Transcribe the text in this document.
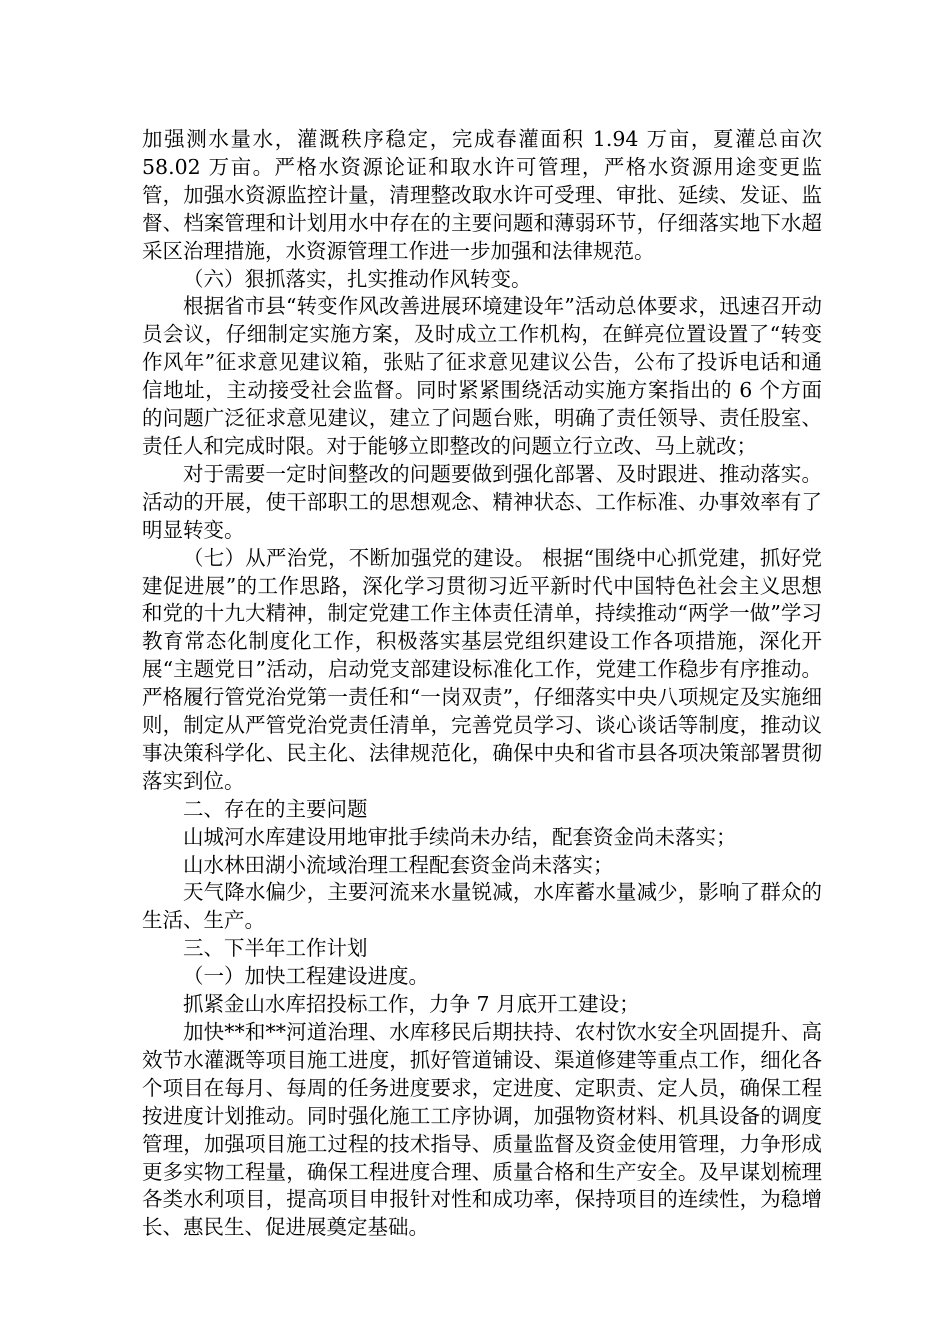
加强测水量水，灌溉秩序稳定，完成春灌面积 1.94 万亩，夏灌总亩次 58.02 万亩。严格水资源论证和取水许可管理，严格水资源用途变更监管，加强水资源监控计量，清理整改取水许可受理、审批、延续、发证、监督、档案管理和计划用水中存在的主要问题和薄弱环节，仔细落实地下水超采区治理措施，水资源管理工作进一步加强和法律规范。

（六）狠抓落实，扎实推动作风转变。

根据省市县“转变作风改善进展环境建设年”活动总体要求，迅速召开动员会议，仔细制定实施方案，及时成立工作机构，在鲜亮位置设置了“转变作风年”征求意见建议箱，张贴了征求意见建议公告，公布了投诉电话和通信地址，主动接受社会监督。同时紧紧围绕活动实施方案指出的 6 个方面的问题广泛征求意见建议，建立了问题台账，明确了责任领导、责任股室、责任人和完成时限。对于能够立即整改的问题立行立改、马上就改；

对于需要一定时间整改的问题要做到强化部署、及时跟进、推动落实。活动的开展，使干部职工的思想观念、精神状态、工作标准、办事效率有了明显转变。

（七）从严治党，不断加强党的建设。 根据“围绕中心抓党建，抓好党建促进展”的工作思路，深化学习贯彻习近平新时代中国特色社会主义思想和党的十九大精神，制定党建工作主体责任清单，持续推动“两学一做”学习教育常态化制度化工作，积极落实基层党组织建设工作各项措施，深化开展“主题党日”活动，启动党支部建设标准化工作，党建工作稳步有序推动。严格履行管党治党第一责任和“一岗双责”，仔细落实中央八项规定及实施细则，制定从严管党治党责任清单，完善党员学习、谈心谈话等制度，推动议事决策科学化、民主化、法律规范化，确保中央和省市县各项决策部署贯彻落实到位。

二、存在的主要问题

山城河水库建设用地审批手续尚未办结，配套资金尚未落实；

山水林田湖小流域治理工程配套资金尚未落实；

天气降水偏少，主要河流来水量锐减，水库蓄水量减少，影响了群众的生活、生产。

三、下半年工作计划

（一）加快工程建设进度。

抓紧金山水库招投标工作，力争 7 月底开工建设；

加快**和**河道治理、水库移民后期扶持、农村饮水安全巩固提升、高效节水灌溉等项目施工进度，抓好管道铺设、渠道修建等重点工作，细化各个项目在每月、每周的任务进度要求，定进度、定职责、定人员，确保工程按进度计划推动。同时强化施工工序协调，加强物资材料、机具设备的调度管理，加强项目施工过程的技术指导、质量监督及资金使用管理，力争形成更多实物工程量，确保工程进度合理、质量合格和生产安全。及早谋划梳理各类水利项目，提高项目申报针对性和成功率，保持项目的连续性，为稳增长、惠民生、促进展奠定基础。
